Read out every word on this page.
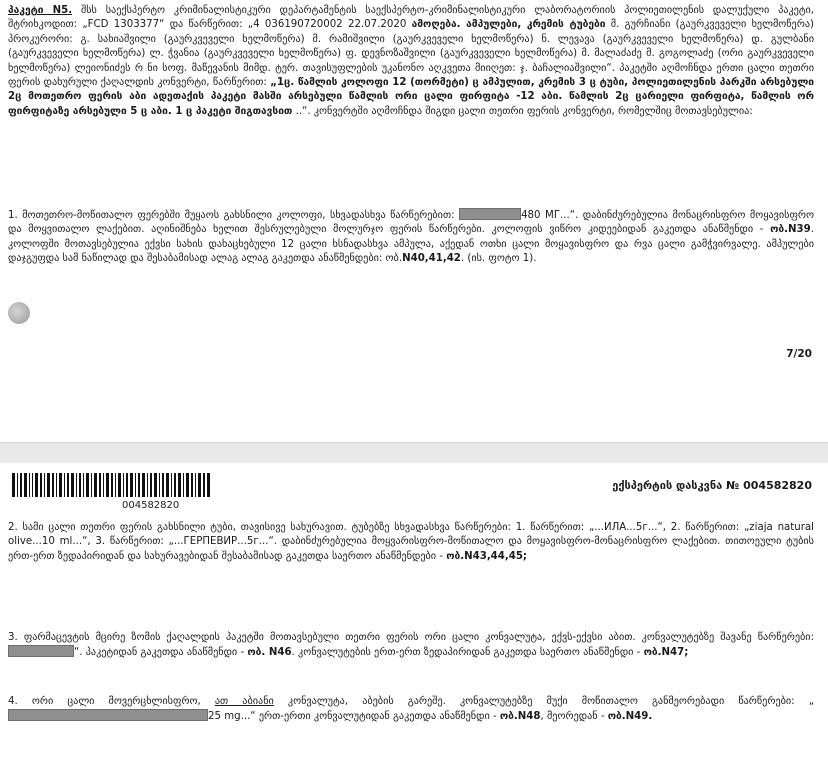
პაკეტი N5. შსს საექსპერტო კრიმინალისტიკური დეპარტამენტის საექსპერტო-კრიმინალისტიკური ლაბორატორიის პოლიეთილენის დალუქული პაკეტი, შტრიხკოდით: „FCD 1303377“ და წარწერით: „4 036190720002 22.07.2020 ამოღება. ამპულები, კრემის ტუბები მ. გურჩიანი (გაურკვეველი ხელმოწერა) პროკურორი: გ. სახიაშვილი (გაურკვეველი ხელმოწერა) მ. რამიშვილი (გაურკვეველი ხელმოწერა) ნ. ლევავა (გაურკვეველი ხელმოწერა) დ. გულბანი (გაურკვეველი ხელმოწერა) ლ. ჭვანია (გაურკვეველი ხელმოწერა) ფ. დევნოზაშვილი (გაურკვეველი ხელმოწერა) მ. მალაძაძე მ. გოგოლაძე (ორი გაურკვეველი ხელმოწერა) ლეიონიძეს რ ნი სოფ. მაწევანის მიმდ. ტერ. თავისუფლების უკანონო აღკვეთა მიიღეთ: ჯ. ბაჩალიაშვილი“. პაკეტში აღმოჩნდა ერთი ცალი თეთრი ფერის დახურული ქაღალდის კონვერტი, წარწერით: „1ც. წამლის კოლოფი 12 (თორმეტი) ც ამპულით, კრემის 3 ც ტუბი, პოლიეთილენის პარკში არსებული 2ც მოთეთრო ფერის აბი ადეთაქის პაკეტი მასში არსებული წამლის ორი ცალი ფირფიტა -12 აბი. წამლის 2ც ცარიელი ფირფიტა, წამლის ორ ფირფიტაზე არსებული 5 ც აბი. 1 ც პაკეტი შიგთავსით ..“. კონვერტში აღმოჩნდა შიგდი ცალი თეთრი ფერის კონვერტი, რომელშიც მოთავსებულია:

1. მოთეთრო-მოწითალო ფერებში მუყაოს გახსნილი კოლოფი, სხვადასხვა წარწერებით:	480 МГ...“. დაბინძურებულია მონაცრისფრო მოყავისფრო და მოყვითალო ლაქებით. აღინიშნება ხელით შესრულებული მოლურჯო ფერის წარწერები. კოლოფის ვიწრო კიდეებიდან გაკეთდა ანაწმენდი - ობ.N39. კოლოფში მოთავსებულია ექვსი სახის დახაცხებული 12 ცალი ხსნადასხვა ამპულა, აქედან ოთხი ცალი მოყავისფრო და რვა ცალი გამჭვირვალე. ამპულები დაჯგუფდა სამ ნაწილად და შესაბამისად ალაგ ალაგ გაკეთდა ანაწმენდები: ობ.N40,41,42. (ის. ფოტო 1).

7/20
004582820
ექსპერტის დასკვნა № 004582820

2. სამი ცალი თეთრი ფერის გახსნილი ტუბი, თავისივე სახურავით. ტუბებზე სხვადასხვა წარწერები: 1. წარწერით: „...ИЛА...5г...“, 2. წარწერით: „ziaja natural olive...10 ml...“, 3. წარწერით: „...ГЕРПЕВИР...5г...“. დაბინძურებულია მოყვარისფრო-მოწითალო და მოყავისფრო-მონაცრისფრო ლაქებით. თითოეული ტუბის ერთ-ერთ ზედაპირიდან და სახურავებიდან შესაბამისად გაკეთდა საერთო ანაწმენდები - ობ.N43,44,45;

3. ფარმაცევტის მცირე ზომის ქაღალდის პაკეტში მოთავსებული თეთრი ფერის ორი ცალი კონვალუტა, ექვს-ექვსი აბით. კონვალუტებზე შავანე წარწერები: “. პაკეტიდან გაკეთდა ანაწმენდი - ობ. N46. კონვალუტების ერთ-ერთ ზედაპირიდან გაკეთდა საერთო ანაწმენდი - ობ.N47;

4. ორი ცალი მოვერცხლისფრო, ათ აბიანი კონვალუტა, აბების გარეშე. კონვალუტებზე მუქი მოწითალო განმეორებადი წარწერები: „25 mg...“ ერთ-ერთი კონვალუტიდან გაკეთდა ანაწმენდი - ობ.N48, მეორედან - ობ.N49.
